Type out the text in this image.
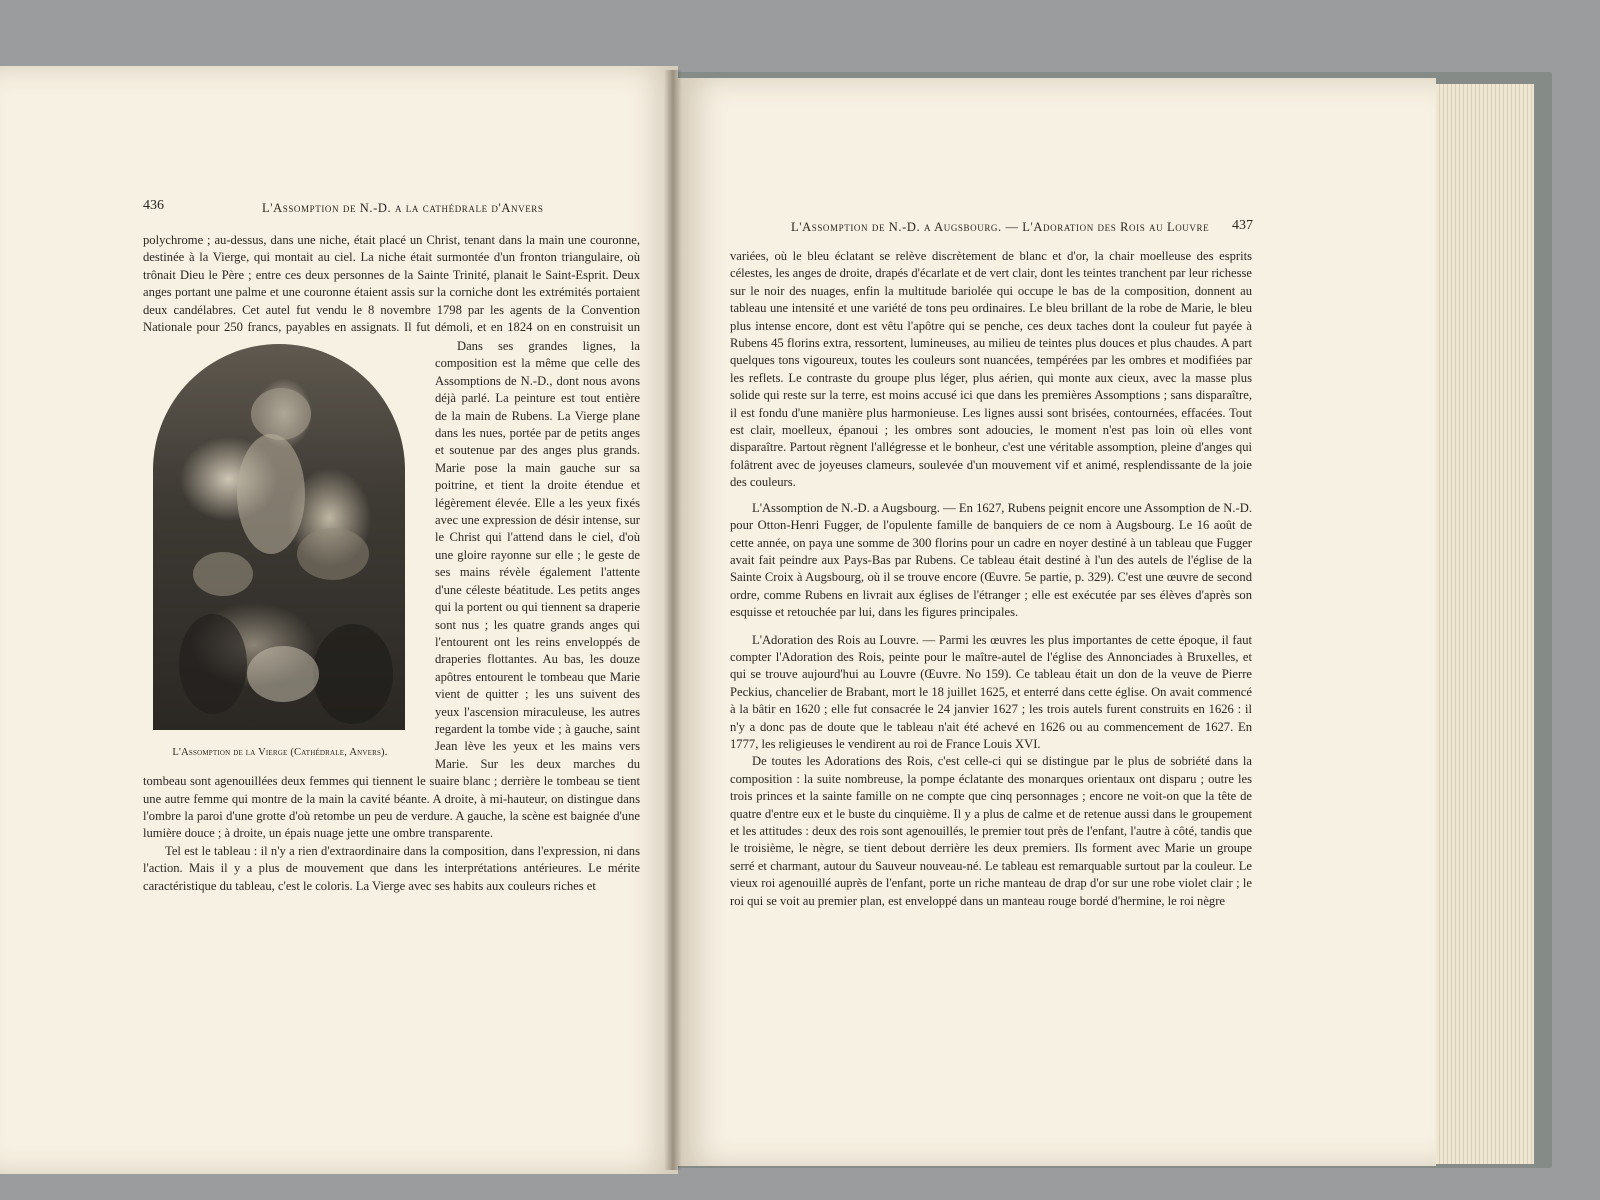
436	L'Assomption de N.-D. a la cathédrale d'Anvers

polychrome ; au-dessus, dans une niche, était placé un Christ, tenant dans la main une couronne, destinée à la Vierge, qui montait au ciel. La niche était surmontée d'un fronton triangulaire, où trônait Dieu le Père ; entre ces deux personnes de la Sainte Trinité, planait le Saint-Esprit. Deux anges portant une palme et une couronne étaient assis sur la corniche dont les extrémités portaient deux candélabres. Cet autel fut vendu le 8 novembre 1798 par les agents de la Convention Nationale pour 250 francs, payables en assignats. Il fut démoli, et en 1824 on en construisit un

L'Assomption de la Vierge (Cathédrale, Anvers).

Dans ses grandes lignes, la composition est la même que celle des Assomptions de N.-D., dont nous avons déjà parlé. La peinture est tout entière de la main de Rubens. La Vierge plane dans les nues, portée par de petits anges et soutenue par des anges plus grands. Marie pose la main gauche sur sa poitrine, et tient la droite étendue et légèrement élevée. Elle a les yeux fixés avec une expression de désir intense, sur le Christ qui l'attend dans le ciel, d'où une gloire rayonne sur elle ; le geste de ses mains révèle également l'attente d'une céleste béatitude. Les petits anges qui la portent ou qui tiennent sa draperie sont nus ; les quatre grands anges qui l'entourent ont les reins enveloppés de draperies flottantes. Au bas, les douze apôtres entourent le tombeau que Marie vient de quitter ; les uns suivent des yeux l'ascension miraculeuse, les autres regardent la tombe vide ; à gauche, saint Jean lève les yeux et les mains vers Marie. Sur les deux marches du tombeau sont agenouillées deux femmes qui tiennent le suaire blanc ; derrière le tombeau se tient une autre femme qui montre de la main la cavité béante. A droite, à mi-hauteur, on distingue dans l'ombre la paroi d'une grotte d'où retombe un peu de verdure. A gauche, la scène est baignée d'une lumière douce ; à droite, un épais nuage jette une ombre transparente.

Tel est le tableau : il n'y a rien d'extraordinaire dans la composition, dans l'expression, ni dans l'action. Mais il y a plus de mouvement que dans les interprétations antérieures. Le mérite caractéristique du tableau, c'est le coloris. La Vierge avec ses habits aux couleurs riches et

L'Assomption de N.-D. a Augsbourg. — L'Adoration des Rois au Louvre 437

variées, où le bleu éclatant se relève discrètement de blanc et d'or, la chair moelleuse des esprits célestes, les anges de droite, drapés d'écarlate et de vert clair, dont les teintes tranchent par leur richesse sur le noir des nuages, enfin la multitude bariolée qui occupe le bas de la composition, donnent au tableau une intensité et une variété de tons peu ordinaires. Le bleu brillant de la robe de Marie, le bleu plus intense encore, dont est vêtu l'apôtre qui se penche, ces deux taches dont la couleur fut payée à Rubens 45 florins extra, ressortent, lumineuses, au milieu de teintes plus douces et plus chaudes. A part quelques tons vigoureux, toutes les couleurs sont nuancées, tempérées par les ombres et modifiées par les reflets. Le contraste du groupe plus léger, plus aérien, qui monte aux cieux, avec la masse plus solide qui reste sur la terre, est moins accusé ici que dans les premières Assomptions ; sans disparaître, il est fondu d'une manière plus harmonieuse. Les lignes aussi sont brisées, contournées, effacées. Tout est clair, moelleux, épanoui ; les ombres sont adoucies, le moment n'est pas loin où elles vont disparaître. Partout règnent l'allégresse et le bonheur, c'est une véritable assomption, pleine d'anges qui folâtrent avec de joyeuses clameurs, soulevée d'un mouvement vif et animé, resplendissante de la joie des couleurs.

L'Assomption de N.-D. a Augsbourg. — En 1627, Rubens peignit encore une Assomption de N.-D. pour Otton-Henri Fugger, de l'opulente famille de banquiers de ce nom à Augsbourg. Le 16 août de cette année, on paya une somme de 300 florins pour un cadre en noyer destiné à un tableau que Fugger avait fait peindre aux Pays-Bas par Rubens. Ce tableau était destiné à l'un des autels de l'église de la Sainte Croix à Augsbourg, où il se trouve encore (Œuvre. 5e partie, p. 329). C'est une œuvre de second ordre, comme Rubens en livrait aux églises de l'étranger ; elle est exécutée par ses élèves d'après son esquisse et retouchée par lui, dans les figures principales.

L'Adoration des Rois au Louvre. — Parmi les œuvres les plus importantes de cette époque, il faut compter l'Adoration des Rois, peinte pour le maître-autel de l'église des Annonciades à Bruxelles, et qui se trouve aujourd'hui au Louvre (Œuvre. No 159). Ce tableau était un don de la veuve de Pierre Peckius, chancelier de Brabant, mort le 18 juillet 1625, et enterré dans cette église. On avait commencé à la bâtir en 1620 ; elle fut consacrée le 24 janvier 1627 ; les trois autels furent construits en 1626 : il n'y a donc pas de doute que le tableau n'ait été achevé en 1626 ou au commencement de 1627. En 1777, les religieuses le vendirent au roi de France Louis XVI.

De toutes les Adorations des Rois, c'est celle-ci qui se distingue par le plus de sobriété dans la composition : la suite nombreuse, la pompe éclatante des monarques orientaux ont disparu ; outre les trois princes et la sainte famille on ne compte que cinq personnages ; encore ne voit-on que la tête de quatre d'entre eux et le buste du cinquième. Il y a plus de calme et de retenue aussi dans le groupement et les attitudes : deux des rois sont agenouillés, le premier tout près de l'enfant, l'autre à côté, tandis que le troisième, le nègre, se tient debout derrière les deux premiers. Ils forment avec Marie un groupe serré et charmant, autour du Sauveur nouveau-né. Le tableau est remarquable surtout par la couleur. Le vieux roi agenouillé auprès de l'enfant, porte un riche manteau de drap d'or sur une robe violet clair ; le roi qui se voit au premier plan, est enveloppé dans un manteau rouge bordé d'hermine, le roi nègre
